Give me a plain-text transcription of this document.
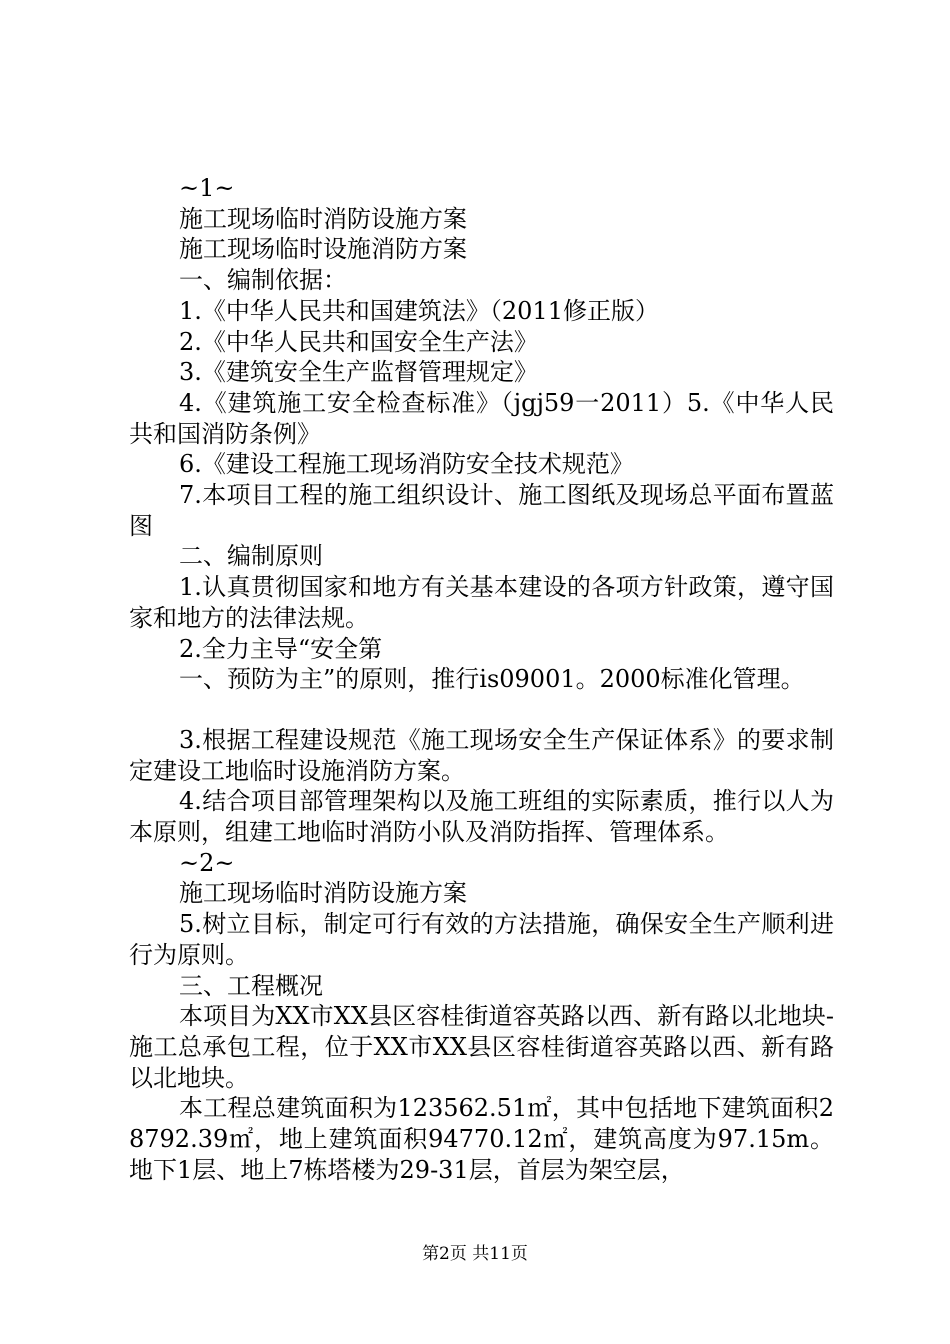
~1~

施工现场临时消防设施方案

施工现场临时设施消防方案

一、编制依据：

1.《中华人民共和国建筑法》（2011修正版）

2.《中华人民共和国安全生产法》

3.《建筑安全生产监督管理规定》

4.《建筑施工安全检查标准》（jgj59一2011）5.《中华人民共和国消防条例》

6.《建设工程施工现场消防安全技术规范》

7.本项目工程的施工组织设计、施工图纸及现场总平面布置蓝图

二、编制原则

1.认真贯彻国家和地方有关基本建设的各项方针政策，遵守国家和地方的法律法规。

2.全力主导“安全第

一、预防为主”的原则，推行is09001。2000标准化管理。

3.根据工程建设规范《施工现场安全生产保证体系》的要求制定建设工地临时设施消防方案。

4.结合项目部管理架构以及施工班组的实际素质，推行以人为本原则，组建工地临时消防小队及消防指挥、管理体系。

~2~

施工现场临时消防设施方案

5.树立目标，制定可行有效的方法措施，确保安全生产顺利进行为原则。

三、工程概况

本项目为XX市XX县区容桂街道容英路以西、新有路以北地块-施工总承包工程，位于XX市XX县区容桂街道容英路以西、新有路以北地块。

本工程总建筑面积为123562.51㎡，其中包括地下建筑面积28792.39㎡，地上建筑面积94770.12㎡，建筑高度为97.15m。地下1层、地上7栋塔楼为29-31层，首层为架空层，

第2页 共11页
